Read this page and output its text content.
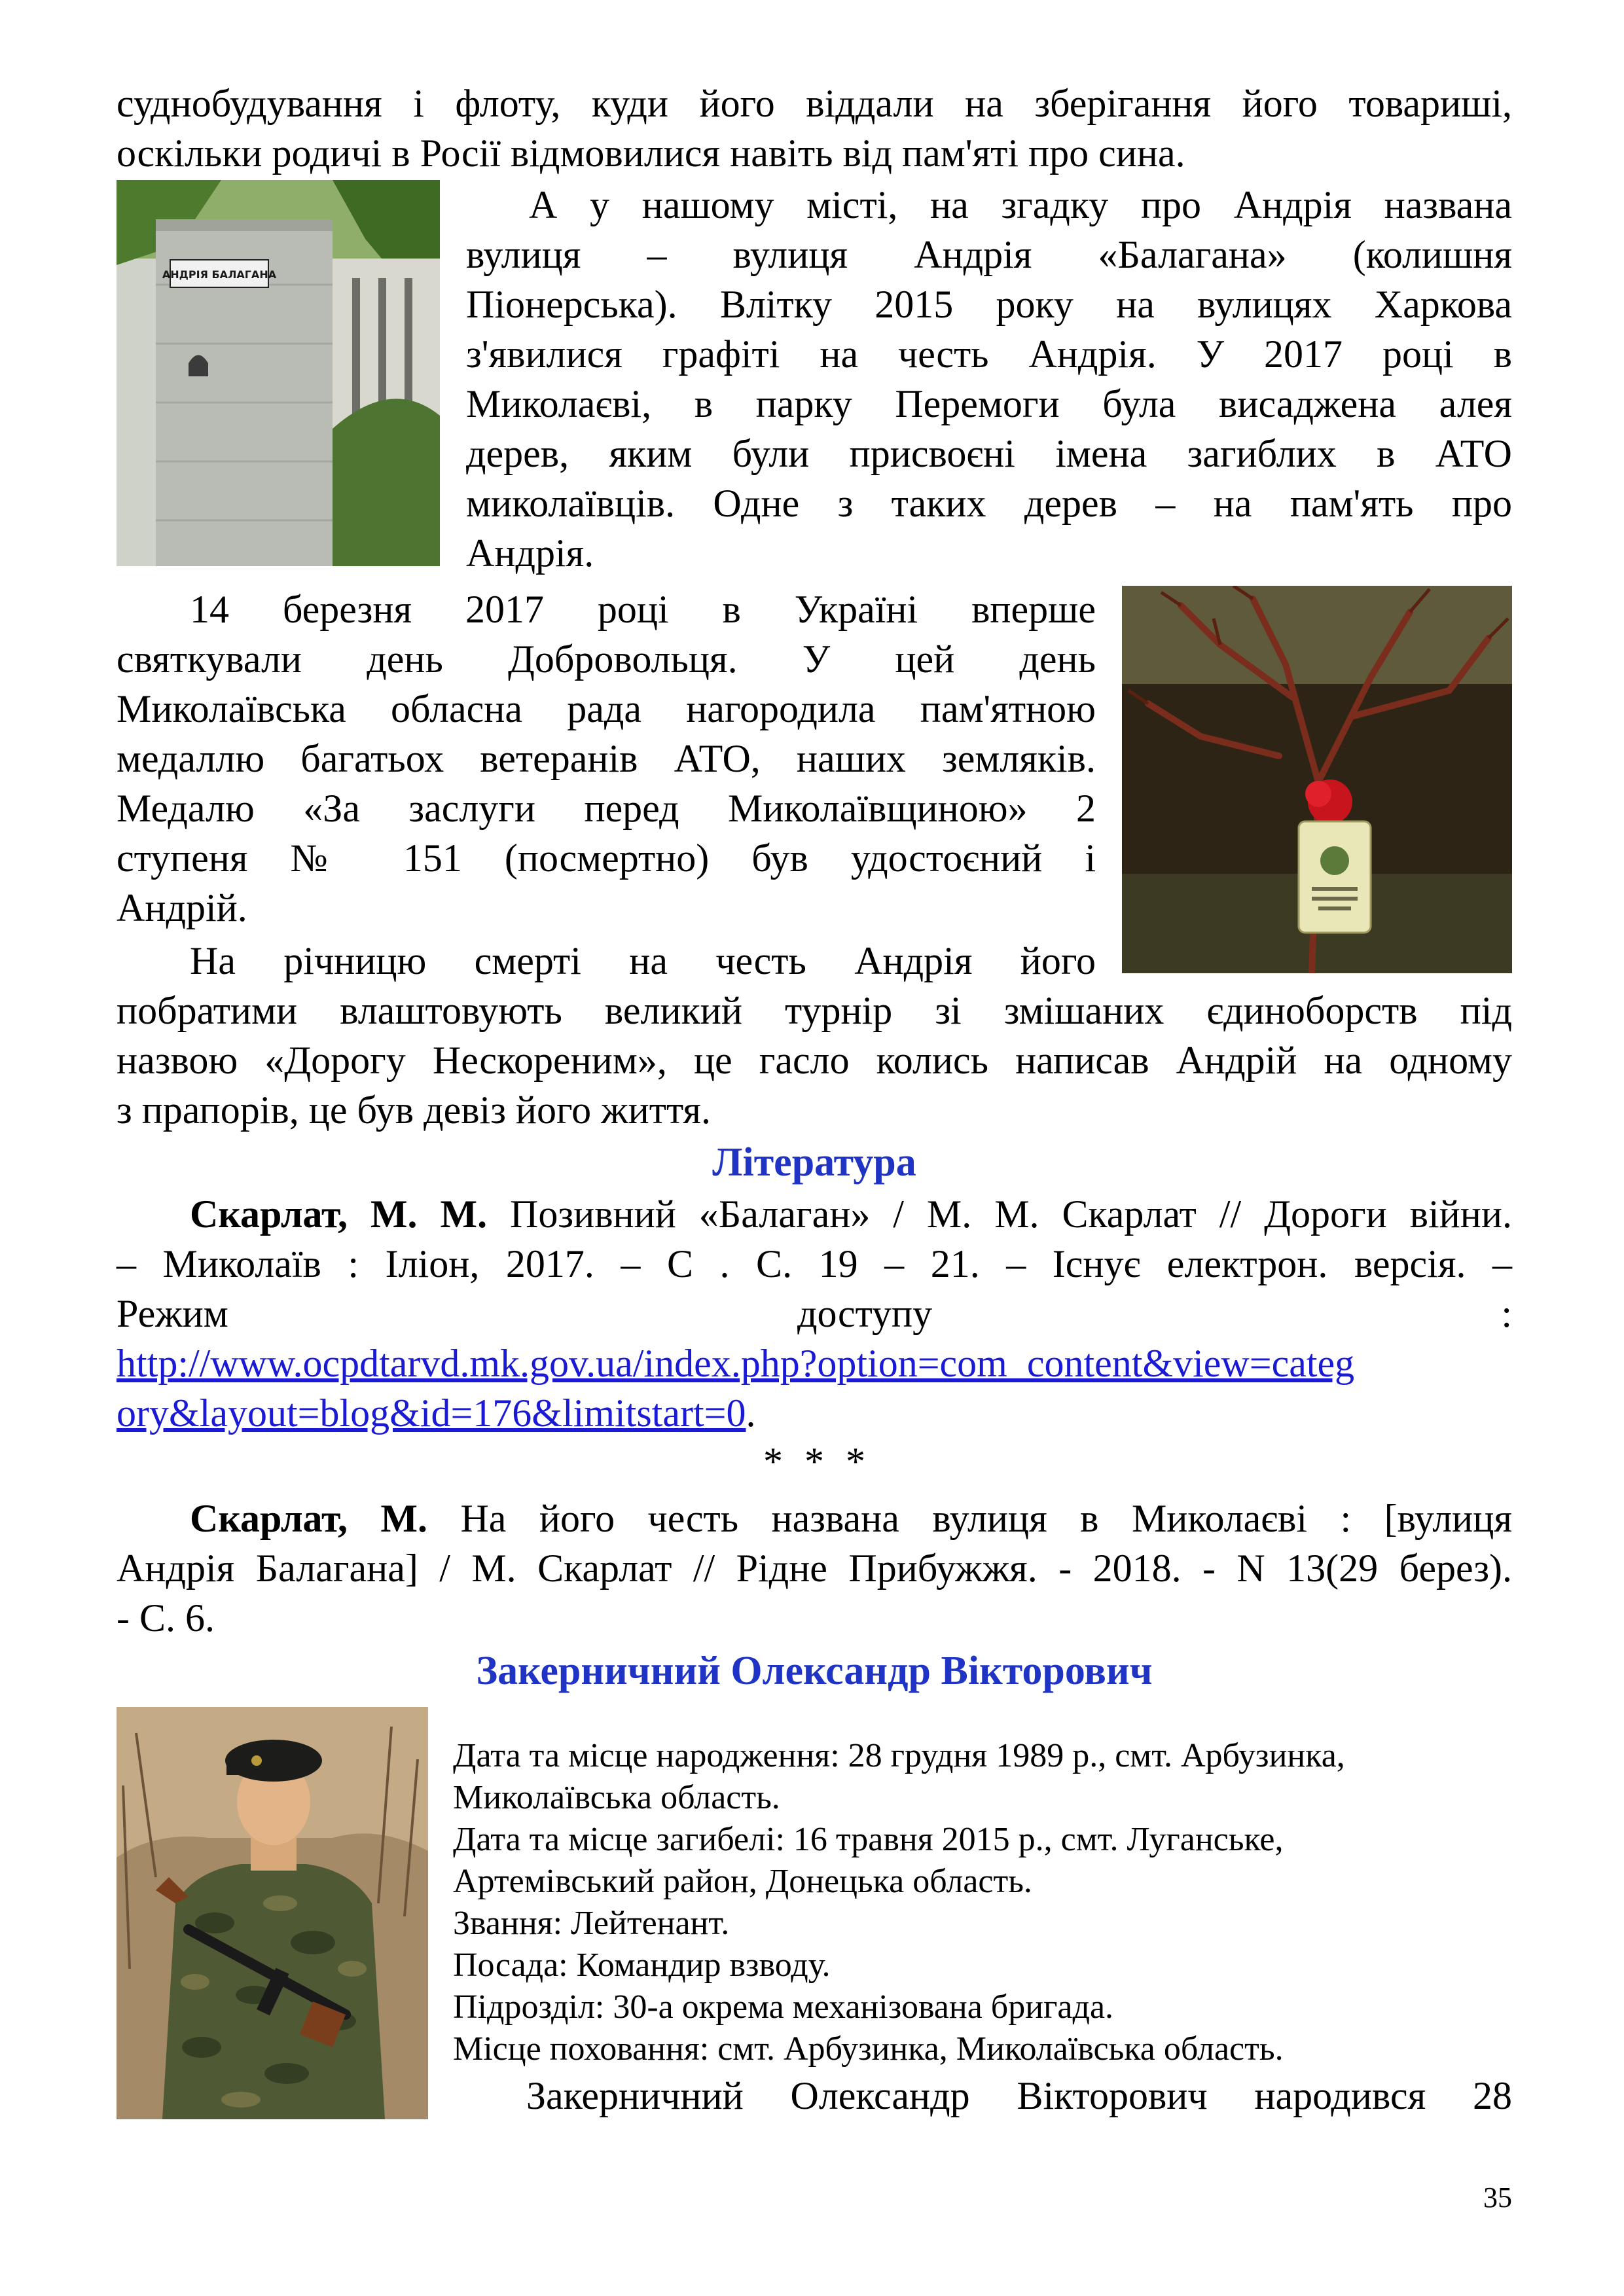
суднобудування і флоту, куди його віддали на зберігання його товариші,
оскільки родичі в Росії відмовилися навіть від пам'яті про сина.
АНДРІЯ БАЛАГАНА
А у нашому місті, на згадку про Андрія названа
вулиця – вулиця Андрія «Балагана» (колишня
Піонерська). Влітку 2015 року на вулицях Харкова
з'явилися графіті на честь Андрія. У 2017 році в
Миколаєві, в парку Перемоги була висаджена алея
дерев, яким були присвоєні імена загиблих в АТО
миколаївців. Одне з таких дерев – на пам'ять про
Андрія.
14 березня 2017 році в Україні вперше
святкували день Добровольця. У цей день
Миколаївська обласна рада нагородила пам'ятною
медаллю багатьох ветеранів АТО, наших земляків.
Медалю «За заслуги перед Миколаївщиною» 2
ступеня № 151 (посмертно) був удостоєний і
Андрій.
На річницю смерті на честь Андрія його
побратими влаштовують великий турнір зі змішаних єдиноборств під
назвою «Дорогу Нескореним», це гасло колись написав Андрій на одному
з прапорів, це був девіз його життя.
Література
Скарлат, М. М. Позивний «Балаган» / М. М. Скарлат // Дороги війни.
– Миколаїв : Іліон, 2017. – С . С. 19 – 21. – Існує електрон. версія. –
Режим	доступу	:
http://www.ocpdtarvd.mk.gov.ua/index.php?option=com_content&view=categ
ory&layout=blog&id=176&limitstart=0.
* * *
Скарлат, М. На його честь названа вулиця в Миколаєві : [вулиця
Андрія Балагана] / М. Скарлат // Рідне Прибужжя. - 2018. - N 13(29 берез).
- С. 6.
Закерничний Олександр Вікторович
Дата та місце народження: 28 грудня 1989 р., смт. Арбузинка,
Миколаївська область.
Дата та місце загибелі: 16 травня 2015 р., смт. Луганське,
Артемівський район, Донецька область.
Звання: Лейтенант.
Посада: Командир взводу.
Підрозділ: 30-а окрема механізована бригада.
Місце поховання: смт. Арбузинка, Миколаївська область.
Закерничний Олександр Вікторович народився 28
35
